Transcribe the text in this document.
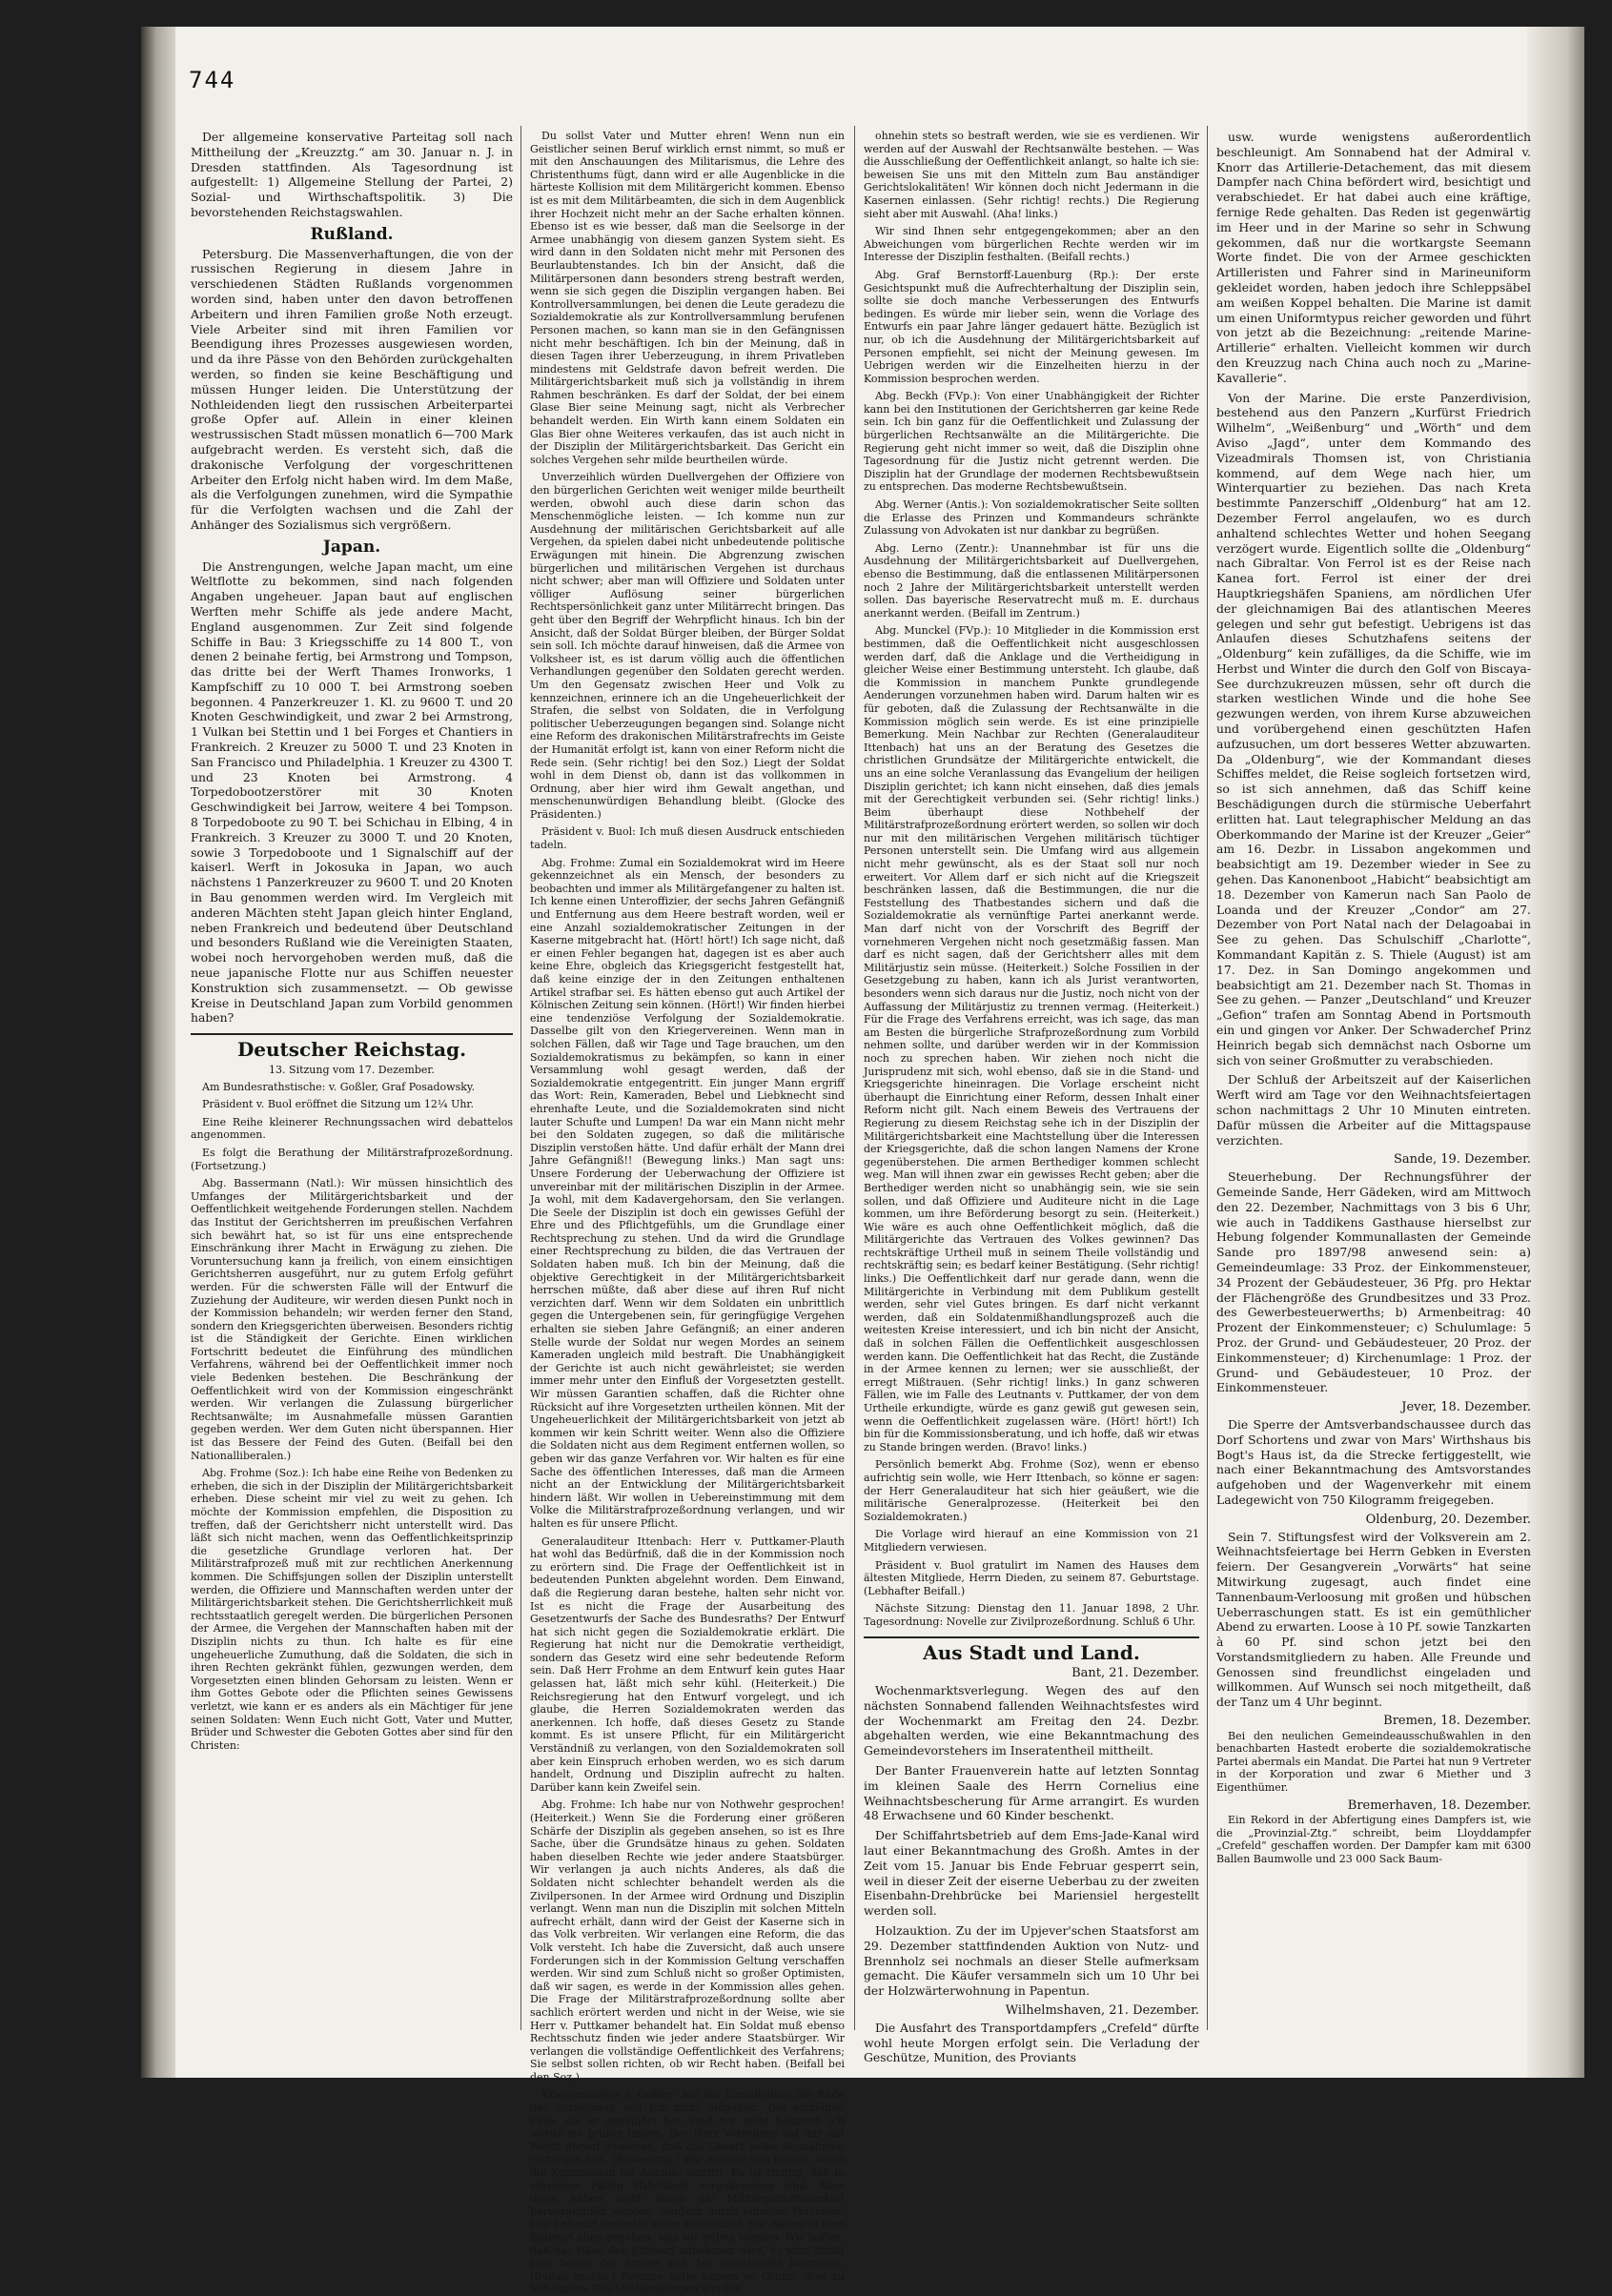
744

Der allgemeine konservative Parteitag soll nach Mittheilung der „Kreuzztg.“ am 30. Januar n. J. in Dresden stattfinden. Als Tagesordnung ist aufgestellt: 1) Allgemeine Stellung der Partei, 2) Sozial- und Wirthschaftspolitik. 3) Die bevorstehenden Reichstagswahlen.

Rußland.

Petersburg. Die Massenverhaftungen, die von der russischen Regierung in diesem Jahre in verschiedenen Städten Rußlands vorgenommen worden sind, haben unter den davon betroffenen Arbeitern und ihren Familien große Noth erzeugt. Viele Arbeiter sind mit ihren Familien vor Beendigung ihres Prozesses ausgewiesen worden, und da ihre Pässe von den Behörden zurückgehalten werden, so finden sie keine Beschäftigung und müssen Hunger leiden. Die Unterstützung der Nothleidenden liegt den russischen Arbeiterpartei große Opfer auf. Allein in einer kleinen westrussischen Stadt müssen monatlich 6—700 Mark aufgebracht werden. Es versteht sich, daß die drakonische Verfolgung der vorgeschrittenen Arbeiter den Erfolg nicht haben wird. Im dem Maße, als die Verfolgungen zunehmen, wird die Sympathie für die Verfolgten wachsen und die Zahl der Anhänger des Sozialismus sich vergrößern.

Japan.

Die Anstrengungen, welche Japan macht, um eine Weltflotte zu bekommen, sind nach folgenden Angaben ungeheuer. Japan baut auf englischen Werften mehr Schiffe als jede andere Macht, England ausgenommen. Zur Zeit sind folgende Schiffe in Bau: 3 Kriegsschiffe zu 14 800 T., von denen 2 beinahe fertig, bei Armstrong und Tompson, das dritte bei der Werft Thames Ironworks, 1 Kampfschiff zu 10 000 T. bei Armstrong soeben begonnen. 4 Panzerkreuzer 1. Kl. zu 9600 T. und 20 Knoten Geschwindigkeit, und zwar 2 bei Armstrong, 1 Vulkan bei Stettin und 1 bei Forges et Chantiers in Frankreich. 2 Kreuzer zu 5000 T. und 23 Knoten in San Francisco und Philadelphia. 1 Kreuzer zu 4300 T. und 23 Knoten bei Armstrong. 4 Torpedobootzerstörer mit 30 Knoten Geschwindigkeit bei Jarrow, weitere 4 bei Tompson. 8 Torpedoboote zu 90 T. bei Schichau in Elbing, 4 in Frankreich. 3 Kreuzer zu 3000 T. und 20 Knoten, sowie 3 Torpedoboote und 1 Signalschiff auf der kaiserl. Werft in Jokosuka in Japan, wo auch nächstens 1 Panzerkreuzer zu 9600 T. und 20 Knoten in Bau genommen werden wird. Im Vergleich mit anderen Mächten steht Japan gleich hinter England, neben Frankreich und bedeutend über Deutschland und besonders Rußland wie die Vereinigten Staaten, wobei noch hervorgehoben werden muß, daß die neue japanische Flotte nur aus Schiffen neuester Konstruktion sich zusammensetzt. — Ob gewisse Kreise in Deutschland Japan zum Vorbild genommen haben?

Deutscher Reichstag.
13. Sitzung vom 17. Dezember.

Am Bundesrathstische: v. Goßler, Graf Posadowsky.

Präsident v. Buol eröffnet die Sitzung um 12¼ Uhr.

Eine Reihe kleinerer Rechnungssachen wird debattelos angenommen.

Es folgt die Berathung der Militärstrafprozeßordnung. (Fortsetzung.)

Abg. Bassermann (Natl.): Wir müssen hinsichtlich des Umfanges der Militärgerichtsbarkeit und der Oeffentlichkeit weitgehende Forderungen stellen. Nachdem das Institut der Gerichtsherren im preußischen Verfahren sich bewährt hat, so ist für uns eine entsprechende Einschränkung ihrer Macht in Erwägung zu ziehen. Die Voruntersuchung kann ja freilich, von einem einsichtigen Gerichtsherren ausgeführt, nur zu gutem Erfolg geführt werden. Für die schwersten Fälle will der Entwurf die Zuziehung der Auditeure, wir werden diesen Punkt noch in der Kommission behandeln; wir werden ferner den Stand, sondern den Kriegsgerichten überweisen. Besonders richtig ist die Ständigkeit der Gerichte. Einen wirklichen Fortschritt bedeutet die Einführung des mündlichen Verfahrens, während bei der Oeffentlichkeit immer noch viele Bedenken bestehen. Die Beschränkung der Oeffentlichkeit wird von der Kommission eingeschränkt werden. Wir verlangen die Zulassung bürgerlicher Rechtsanwälte; im Ausnahmefalle müssen Garantien gegeben werden. Wer dem Guten nicht überspannen. Hier ist das Bessere der Feind des Guten. (Beifall bei den Nationalliberalen.)

Abg. Frohme (Soz.): Ich habe eine Reihe von Bedenken zu erheben, die sich in der Disziplin der Militärgerichtsbarkeit erheben. Diese scheint mir viel zu weit zu gehen. Ich möchte der Kommission empfehlen, die Disposition zu treffen, daß der Gerichtsherr nicht unterstellt wird. Das läßt sich nicht machen, wenn das Oeffentlichkeitsprinzip die gesetzliche Grundlage verloren hat. Der Militärstrafprozeß muß mit zur rechtlichen Anerkennung kommen. Die Schiffsjungen sollen der Disziplin unterstellt werden, die Offiziere und Mannschaften werden unter der Militärgerichtsbarkeit stehen. Die Gerichtsherrlichkeit muß rechtsstaatlich geregelt werden. Die bürgerlichen Personen der Armee, die Vergehen der Mannschaften haben mit der Disziplin nichts zu thun. Ich halte es für eine ungeheuerliche Zumuthung, daß die Soldaten, die sich in ihren Rechten gekränkt fühlen, gezwungen werden, dem Vorgesetzten einen blinden Gehorsam zu leisten. Wenn er ihm Gottes Gebote oder die Pflichten seines Gewissens verletzt, wie kann er es anders als ein Mächtiger für jene seinen Soldaten: Wenn Euch nicht Gott, Vater und Mutter, Brüder und Schwester die Geboten Gottes aber sind für den Christen:

Du sollst Vater und Mutter ehren! Wenn nun ein Geistlicher seinen Beruf wirklich ernst nimmt, so muß er mit den Anschauungen des Militarismus, die Lehre des Christenthums fügt, dann wird er alle Augenblicke in die härteste Kollision mit dem Militärgericht kommen. Ebenso ist es mit dem Militärbeamten, die sich in dem Augenblick ihrer Hochzeit nicht mehr an der Sache erhalten können. Ebenso ist es wie besser, daß man die Seelsorge in der Armee unabhängig von diesem ganzen System sieht. Es wird dann in den Soldaten nicht mehr mit Personen des Beurlaubtenstandes. Ich bin der Ansicht, daß die Militärpersonen dann besonders streng bestraft werden, wenn sie sich gegen die Disziplin vergangen haben. Bei Kontrollversammlungen, bei denen die Leute geradezu die Sozialdemokratie als zur Kontrollversammlung berufenen Personen machen, so kann man sie in den Gefängnissen nicht mehr beschäftigen. Ich bin der Meinung, daß in diesen Tagen ihrer Ueberzeugung, in ihrem Privatleben mindestens mit Geldstrafe davon befreit werden. Die Militärgerichtsbarkeit muß sich ja vollständig in ihrem Rahmen beschränken. Es darf der Soldat, der bei einem Glase Bier seine Meinung sagt, nicht als Verbrecher behandelt werden. Ein Wirth kann einem Soldaten ein Glas Bier ohne Weiteres verkaufen, das ist auch nicht in der Disziplin der Militärgerichtsbarkeit. Das Gericht ein solches Vergehen sehr milde beurtheilen würde.

Unverzeihlich würden Duellvergehen der Offiziere von den bürgerlichen Gerichten weit weniger milde beurtheilt werden, obwohl auch diese darin schon das Menschenmögliche leisten. — Ich komme nun zur Ausdehnung der militärischen Gerichtsbarkeit auf alle Vergehen, da spielen dabei nicht unbedeutende politische Erwägungen mit hinein. Die Abgrenzung zwischen bürgerlichen und militärischen Vergehen ist durchaus nicht schwer; aber man will Offiziere und Soldaten unter völliger Auflösung seiner bürgerlichen Rechtspersönlichkeit ganz unter Militärrecht bringen. Das geht über den Begriff der Wehrpflicht hinaus. Ich bin der Ansicht, daß der Soldat Bürger bleiben, der Bürger Soldat sein soll. Ich möchte darauf hinweisen, daß die Armee von Volksheer ist, es ist darum völlig auch die öffentlichen Verhandlungen gegenüber den Soldaten gerecht werden. Um den Gegensatz zwischen Heer und Volk zu kennzeichnen, erinnere ich an die Ungeheuerlichkeit der Strafen, die selbst von Soldaten, die in Verfolgung politischer Ueberzeugungen begangen sind. Solange nicht eine Reform des drakonischen Militärstrafrechts im Geiste der Humanität erfolgt ist, kann von einer Reform nicht die Rede sein. (Sehr richtig! bei den Soz.) Liegt der Soldat wohl in dem Dienst ob, dann ist das vollkommen in Ordnung, aber hier wird ihm Gewalt angethan, und menschenunwürdigen Behandlung bleibt. (Glocke des Präsidenten.)

Präsident v. Buol: Ich muß diesen Ausdruck entschieden tadeln.

Abg. Frohme: Zumal ein Sozialdemokrat wird im Heere gekennzeichnet als ein Mensch, der besonders zu beobachten und immer als Militärgefangener zu halten ist. Ich kenne einen Unteroffizier, der sechs Jahren Gefängniß und Entfernung aus dem Heere bestraft worden, weil er eine Anzahl sozialdemokratischer Zeitungen in der Kaserne mitgebracht hat. (Hört! hört!) Ich sage nicht, daß er einen Fehler begangen hat, dagegen ist es aber auch keine Ehre, obgleich das Kriegsgericht festgestellt hat, daß keine einzige der in den Zeitungen enthaltenen Artikel strafbar sei. Es hätten ebenso gut auch Artikel der Kölnischen Zeitung sein können. (Hört!) Wir finden hierbei eine tendenziöse Verfolgung der Sozialdemokratie. Dasselbe gilt von den Kriegervereinen. Wenn man in solchen Fällen, daß wir Tage und Tage brauchen, um den Sozialdemokratismus zu bekämpfen, so kann in einer Versammlung wohl gesagt werden, daß der Sozialdemokratie entgegentritt. Ein junger Mann ergriff das Wort: Rein, Kameraden, Bebel und Liebknecht sind ehrenhafte Leute, und die Sozialdemokraten sind nicht lauter Schufte und Lumpen! Da war ein Mann nicht mehr bei den Soldaten zugegen, so daß die militärische Disziplin verstoßen hätte. Und dafür erhält der Mann drei Jahre Gefängniß!! (Bewegung links.) Man sagt uns: Unsere Forderung der Ueberwachung der Offiziere ist unvereinbar mit der militärischen Disziplin in der Armee. Ja wohl, mit dem Kadavergehorsam, den Sie verlangen. Die Seele der Disziplin ist doch ein gewisses Gefühl der Ehre und des Pflichtgefühls, um die Grundlage einer Rechtsprechung zu stehen. Und da wird die Grundlage einer Rechtsprechung zu bilden, die das Vertrauen der Soldaten haben muß. Ich bin der Meinung, daß die objektive Gerechtigkeit in der Militärgerichtsbarkeit herrschen müßte, daß aber diese auf ihren Ruf nicht verzichten darf. Wenn wir dem Soldaten ein unbrittlich gegen die Untergebenen sein, für geringfügige Vergehen erhalten sie sieben Jahre Gefängniß; an einer anderen Stelle wurde der Soldat nur wegen Mordes an seinem Kameraden ungleich mild bestraft. Die Unabhängigkeit der Gerichte ist auch nicht gewährleistet; sie werden immer mehr unter den Einfluß der Vorgesetzten gestellt. Wir müssen Garantien schaffen, daß die Richter ohne Rücksicht auf ihre Vorgesetzten urtheilen können. Mit der Ungeheuerlichkeit der Militärgerichtsbarkeit von jetzt ab kommen wir kein Schritt weiter. Wenn also die Offiziere die Soldaten nicht aus dem Regiment entfernen wollen, so geben wir das ganze Verfahren vor. Wir halten es für eine Sache des öffentlichen Interesses, daß man die Armeen nicht an der Entwicklung der Militärgerichtsbarkeit hindern läßt. Wir wollen in Uebereinstimmung mit dem Volke die Militärstrafprozeßordnung verlangen, und wir halten es für unsere Pflicht.

Generalauditeur Ittenbach: Herr v. Puttkamer-Plauth hat wohl das Bedürfniß, daß die in der Kommission noch zu erörtern sind. Die Frage der Oeffentlichkeit ist in bedeutenden Punkten abgelehnt worden. Dem Einwand, daß die Regierung daran bestehe, halten sehr nicht vor. Ist es nicht die Frage der Ausarbeitung des Gesetzentwurfs der Sache des Bundesraths? Der Entwurf hat sich nicht gegen die Sozialdemokratie erklärt. Die Regierung hat nicht nur die Demokratie vertheidigt, sondern das Gesetz wird eine sehr bedeutende Reform sein. Daß Herr Frohme an dem Entwurf kein gutes Haar gelassen hat, läßt mich sehr kühl. (Heiterkeit.) Die Reichsregierung hat den Entwurf vorgelegt, und ich glaube, die Herren Sozialdemokraten werden das anerkennen. Ich hoffe, daß dieses Gesetz zu Stande kommt. Es ist unsere Pflicht, für ein Militärgericht Verständniß zu verlangen, von den Sozialdemokraten soll aber kein Einspruch erhoben werden, wo es sich darum handelt, Ordnung und Disziplin aufrecht zu halten. Darüber kann kein Zweifel sein.

Abg. Frohme: Ich habe nur von Nothwehr gesprochen! (Heiterkeit.) Wenn Sie die Forderung einer größeren Schärfe der Disziplin als gegeben ansehen, so ist es Ihre Sache, über die Grundsätze hinaus zu gehen. Soldaten haben dieselben Rechte wie jeder andere Staatsbürger. Wir verlangen ja auch nichts Anderes, als daß die Soldaten nicht schlechter behandelt werden als die Zivilpersonen. In der Armee wird Ordnung und Disziplin verlangt. Wenn man nun die Disziplin mit solchen Mitteln aufrecht erhält, dann wird der Geist der Kaserne sich in das Volk verbreiten. Wir verlangen eine Reform, die das Volk versteht. Ich habe die Zuversicht, daß auch unsere Forderungen sich in der Kommission Geltung verschaffen werden. Wir sind zum Schluß nicht so großer Optimisten, daß wir sagen, es werde in der Kommission alles gehen. Die Frage der Militärstrafprozeßordnung sollte aber sachlich erörtert werden und nicht in der Weise, wie sie Herr v. Puttkamer behandelt hat. Ein Soldat muß ebenso Rechtsschutz finden wie jeder andere Staatsbürger. Wir verlangen die vollständige Oeffentlichkeit des Verfahrens; Sie selbst sollen richten, ob wir Recht haben. (Beifall bei den Soz.)

Kriegsminister v. Goßler: Auf die Einzelheiten der Rede des Vorredners will ich nicht eingehen. Die einzelnen Fälle, die er angeführt hat, sind mir nicht bekannt; ich werde sie prüfen lassen. Der Herr Vorredner hat mir mit Recht darauf gewiesen, daß das Gesetz keine Ausnahmen vertragen soll. (Bewegung.) Wir werden uns freuen, wenn die Kommission für Abhülfe eintritt. Es ist richtig, daß in einzelnen Fällen Mißstände vorgekommen sind. Aber diese haben nicht durch die Militärgerichtsbarkeit hervorgerufen werden, sondern durch einzelne Personen. Der Entwurf bedeutet einen Fortschritt. Wir haben in dem Entwurf alles gegeben, was wir geben können. Wir hoffen, daß das Haus den Entwurf annehmen wird, es wird damit zum Segen der Armee und des Vaterlandes beitragen. (Beifall rechts.) Frohme hätte keinen so Grund, dies zu behaupten. Die Mißhandlungen werden

ohnehin stets so bestraft werden, wie sie es verdienen. Wir werden auf der Auswahl der Rechtsanwälte bestehen. — Was die Ausschließung der Oeffentlichkeit anlangt, so halte ich sie: beweisen Sie uns mit den Mitteln zum Bau anständiger Gerichtslokalitäten! Wir können doch nicht Jedermann in die Kasernen einlassen. (Sehr richtig! rechts.) Die Regierung sieht aber mit Auswahl. (Aha! links.)

Wir sind Ihnen sehr entgegengekommen; aber an den Abweichungen vom bürgerlichen Rechte werden wir im Interesse der Disziplin festhalten. (Beifall rechts.)

Abg. Graf Bernstorff-Lauenburg (Rp.): Der erste Gesichtspunkt muß die Aufrechterhaltung der Disziplin sein, sollte sie doch manche Verbesserungen des Entwurfs bedingen. Es würde mir lieber sein, wenn die Vorlage des Entwurfs ein paar Jahre länger gedauert hätte. Bezüglich ist nur, ob ich die Ausdehnung der Militärgerichtsbarkeit auf Personen empfiehlt, sei nicht der Meinung gewesen. Im Uebrigen werden wir die Einzelheiten hierzu in der Kommission besprochen werden.

Abg. Beckh (FVp.): Von einer Unabhängigkeit der Richter kann bei den Institutionen der Gerichtsherren gar keine Rede sein. Ich bin ganz für die Oeffentlichkeit und Zulassung der bürgerlichen Rechtsanwälte an die Militärgerichte. Die Regierung geht nicht immer so weit, daß die Disziplin ohne Tagesordnung für die Justiz nicht getrennt werden. Die Disziplin hat der Grundlage der modernen Rechtsbewußtsein zu entsprechen. Das moderne Rechtsbewußtsein.

Abg. Werner (Antis.): Von sozialdemokratischer Seite sollten die Erlasse des Prinzen und Kommandeurs schränkte Zulassung von Advokaten ist nur dankbar zu begrüßen.

Abg. Lerno (Zentr.): Unannehmbar ist für uns die Ausdehnung der Militärgerichtsbarkeit auf Duellvergehen, ebenso die Bestimmung, daß die entlassenen Militärpersonen noch 2 Jahre der Militärgerichtsbarkeit unterstellt werden sollen. Das bayerische Reservatrecht muß m. E. durchaus anerkannt werden. (Beifall im Zentrum.)

Abg. Munckel (FVp.): 10 Mitglieder in die Kommission erst bestimmen, daß die Oeffentlichkeit nicht ausgeschlossen werden darf, daß die Anklage und die Vertheidigung in gleicher Weise einer Bestimmung untersteht. Ich glaube, daß die Kommission in manchem Punkte grundlegende Aenderungen vorzunehmen haben wird. Darum halten wir es für geboten, daß die Zulassung der Rechtsanwälte in die Kommission möglich sein werde. Es ist eine prinzipielle Bemerkung. Mein Nachbar zur Rechten (Generalauditeur Ittenbach) hat uns an der Beratung des Gesetzes die christlichen Grundsätze der Militärgerichte entwickelt, die uns an eine solche Veranlassung das Evangelium der heiligen Disziplin gerichtet; ich kann nicht einsehen, daß dies jemals mit der Gerechtigkeit verbunden sei. (Sehr richtig! links.) Beim überhaupt diese Nothbehelf der Militärstrafprozeßordnung erörtert werden, so sollen wir doch nur mit den militärischen Vergehen militärisch tüchtiger Personen unterstellt sein. Die Umfang wird aus allgemein nicht mehr gewünscht, als es der Staat soll nur noch erweitert. Vor Allem darf er sich nicht auf die Kriegszeit beschränken lassen, daß die Bestimmungen, die nur die Feststellung des Thatbestandes sichern und daß die Sozialdemokratie als vernünftige Partei anerkannt werde. Man darf nicht von der Vorschrift des Begriff der vornehmeren Vergehen nicht noch gesetzmäßig fassen. Man darf es nicht sagen, daß der Gerichtsherr alles mit dem Militärjustiz sein müsse. (Heiterkeit.) Solche Fossilien in der Gesetzgebung zu haben, kann ich als Jurist verantworten, besonders wenn sich daraus nur die Justiz, noch nicht von der Auffassung der Militärjustiz zu trennen vermag. (Heiterkeit.) Für die Frage des Verfahrens erreicht, was ich sage, das man am Besten die bürgerliche Strafprozeßordnung zum Vorbild nehmen sollte, und darüber werden wir in der Kommission noch zu sprechen haben. Wir ziehen noch nicht die Jurisprudenz mit sich, wohl ebenso, daß sie in die Stand- und Kriegsgerichte hineinragen. Die Vorlage erscheint nicht überhaupt die Einrichtung einer Reform, dessen Inhalt einer Reform nicht gilt. Nach einem Beweis des Vertrauens der Regierung zu diesem Reichstag sehe ich in der Disziplin der Militärgerichtsbarkeit eine Machtstellung über die Interessen der Kriegsgerichte, daß die schon langen Namens der Krone gegenüberstehen. Die armen Berthediger kommen schlecht weg. Man will ihnen zwar ein gewisses Recht geben; aber die Berthediger werden nicht so unabhängig sein, wie sie sein sollen, und daß Offiziere und Auditeure nicht in die Lage kommen, um ihre Beförderung besorgt zu sein. (Heiterkeit.) Wie wäre es auch ohne Oeffentlichkeit möglich, daß die Militärgerichte das Vertrauen des Volkes gewinnen? Das rechtskräftige Urtheil muß in seinem Theile vollständig und rechtskräftig sein; es bedarf keiner Bestätigung. (Sehr richtig! links.) Die Oeffentlichkeit darf nur gerade dann, wenn die Militärgerichte in Verbindung mit dem Publikum gestellt werden, sehr viel Gutes bringen. Es darf nicht verkannt werden, daß ein Soldatenmißhandlungsprozeß auch die weitesten Kreise interessiert, und ich bin nicht der Ansicht, daß in solchen Fällen die Oeffentlichkeit ausgeschlossen werden kann. Die Oeffentlichkeit hat das Recht, die Zustände in der Armee kennen zu lernen; wer sie ausschließt, der erregt Mißtrauen. (Sehr richtig! links.) In ganz schweren Fällen, wie im Falle des Leutnants v. Puttkamer, der von dem Urtheile erkundigte, würde es ganz gewiß gut gewesen sein, wenn die Oeffentlichkeit zugelassen wäre. (Hört! hört!) Ich bin für die Kommissionsberatung, und ich hoffe, daß wir etwas zu Stande bringen werden. (Bravo! links.)

Persönlich bemerkt Abg. Frohme (Soz), wenn er ebenso aufrichtig sein wolle, wie Herr Ittenbach, so könne er sagen: der Herr Generalauditeur hat sich hier geäußert, wie die militärische Generalprozesse. (Heiterkeit bei den Sozialdemokraten.)

Die Vorlage wird hierauf an eine Kommission von 21 Mitgliedern verwiesen.

Präsident v. Buol gratulirt im Namen des Hauses dem ältesten Mitgliede, Herrn Dieden, zu seinem 87. Geburtstage. (Lebhafter Beifall.)

Nächste Sitzung: Dienstag den 11. Januar 1898, 2 Uhr. Tagesordnung: Novelle zur Zivilprozeßordnung. Schluß 6 Uhr.

Aus Stadt und Land.
Bant, 21. Dezember.

Wochenmarktsverlegung. Wegen des auf den nächsten Sonnabend fallenden Weihnachtsfestes wird der Wochenmarkt am Freitag den 24. Dezbr. abgehalten werden, wie eine Bekanntmachung des Gemeindevorstehers im Inseratentheil mittheilt.

Der Banter Frauenverein hatte auf letzten Sonntag im kleinen Saale des Herrn Cornelius eine Weihnachtsbescherung für Arme arrangirt. Es wurden 48 Erwachsene und 60 Kinder beschenkt.

Der Schiffahrtsbetrieb auf dem Ems-Jade-Kanal wird laut einer Bekanntmachung des Großh. Amtes in der Zeit vom 15. Januar bis Ende Februar gesperrt sein, weil in dieser Zeit der eiserne Ueberbau zu der zweiten Eisenbahn-Drehbrücke bei Mariensiel hergestellt werden soll.

Holzauktion. Zu der im Upjever'schen Staatsforst am 29. Dezember stattfindenden Auktion von Nutz- und Brennholz sei nochmals an dieser Stelle aufmerksam gemacht. Die Käufer versammeln sich um 10 Uhr bei der Holzwärterwohnung in Papentun.

Wilhelmshaven, 21. Dezember.

Die Ausfahrt des Transportdampfers „Crefeld“ dürfte wohl heute Morgen erfolgt sein. Die Verladung der Geschütze, Munition, des Proviants

usw. wurde wenigstens außerordentlich beschleunigt. Am Sonnabend hat der Admiral v. Knorr das Artillerie-Detachement, das mit diesem Dampfer nach China befördert wird, besichtigt und verabschiedet. Er hat dabei auch eine kräftige, fernige Rede gehalten. Das Reden ist gegenwärtig im Heer und in der Marine so sehr in Schwung gekommen, daß nur die wortkargste Seemann Worte findet. Die von der Armee geschickten Artilleristen und Fahrer sind in Marineuniform gekleidet worden, haben jedoch ihre Schleppsäbel am weißen Koppel behalten. Die Marine ist damit um einen Uniformtypus reicher geworden und führt von jetzt ab die Bezeichnung: „reitende Marine-Artillerie“ erhalten. Vielleicht kommen wir durch den Kreuzzug nach China auch noch zu „Marine-Kavallerie“.

Von der Marine. Die erste Panzerdivision, bestehend aus den Panzern „Kurfürst Friedrich Wilhelm“, „Weißenburg“ und „Wörth“ und dem Aviso „Jagd“, unter dem Kommando des Vizeadmirals Thomsen ist, von Christiania kommend, auf dem Wege nach hier, um Winterquartier zu beziehen. Das nach Kreta bestimmte Panzerschiff „Oldenburg“ hat am 12. Dezember Ferrol angelaufen, wo es durch anhaltend schlechtes Wetter und hohen Seegang verzögert wurde. Eigentlich sollte die „Oldenburg“ nach Gibraltar. Von Ferrol ist es der Reise nach Kanea fort. Ferrol ist einer der drei Hauptkriegshäfen Spaniens, am nördlichen Ufer der gleichnamigen Bai des atlantischen Meeres gelegen und sehr gut befestigt. Uebrigens ist das Anlaufen dieses Schutzhafens seitens der „Oldenburg“ kein zufälliges, da die Schiffe, wie im Herbst und Winter die durch den Golf von Biscaya-See durchzukreuzen müssen, sehr oft durch die starken westlichen Winde und die hohe See gezwungen werden, von ihrem Kurse abzuweichen und vorübergehend einen geschützten Hafen aufzusuchen, um dort besseres Wetter abzuwarten. Da „Oldenburg“, wie der Kommandant dieses Schiffes meldet, die Reise sogleich fortsetzen wird, so ist sich annehmen, daß das Schiff keine Beschädigungen durch die stürmische Ueberfahrt erlitten hat. Laut telegraphischer Meldung an das Oberkommando der Marine ist der Kreuzer „Geier“ am 16. Dezbr. in Lissabon angekommen und beabsichtigt am 19. Dezember wieder in See zu gehen. Das Kanonenboot „Habicht“ beabsichtigt am 18. Dezember von Kamerun nach San Paolo de Loanda und der Kreuzer „Condor“ am 27. Dezember von Port Natal nach der Delagoabai in See zu gehen. Das Schulschiff „Charlotte“, Kommandant Kapitän z. S. Thiele (August) ist am 17. Dez. in San Domingo angekommen und beabsichtigt am 21. Dezember nach St. Thomas in See zu gehen. — Panzer „Deutschland“ und Kreuzer „Gefion“ trafen am Sonntag Abend in Portsmouth ein und gingen vor Anker. Der Schwaderchef Prinz Heinrich begab sich demnächst nach Osborne um sich von seiner Großmutter zu verabschieden.

Der Schluß der Arbeitszeit auf der Kaiserlichen Werft wird am Tage vor den Weihnachtsfeiertagen schon nachmittags 2 Uhr 10 Minuten eintreten. Dafür müssen die Arbeiter auf die Mittagspause verzichten.

Sande, 19. Dezember.

Steuerhebung. Der Rechnungsführer der Gemeinde Sande, Herr Gädeken, wird am Mittwoch den 22. Dezember, Nachmittags von 3 bis 6 Uhr, wie auch in Taddikens Gasthause hierselbst zur Hebung folgender Kommunallasten der Gemeinde Sande pro 1897/98 anwesend sein: a) Gemeindeumlage: 33 Proz. der Einkommensteuer, 34 Prozent der Gebäudesteuer, 36 Pfg. pro Hektar der Flächengröße des Grundbesitzes und 33 Proz. des Gewerbesteuerwerths; b) Armenbeitrag: 40 Prozent der Einkommensteuer; c) Schulumlage: 5 Proz. der Grund- und Gebäudesteuer, 20 Proz. der Einkommensteuer; d) Kirchenumlage: 1 Proz. der Grund- und Gebäudesteuer, 10 Proz. der Einkommensteuer.

Jever, 18. Dezember.

Die Sperre der Amtsverbandschaussee durch das Dorf Schortens und zwar von Mars' Wirthshaus bis Bogt's Haus ist, da die Strecke fertiggestellt, wie nach einer Bekanntmachung des Amtsvorstandes aufgehoben und der Wagenverkehr mit einem Ladegewicht von 750 Kilogramm freigegeben.

Oldenburg, 20. Dezember.

Sein 7. Stiftungsfest wird der Volksverein am 2. Weihnachtsfeiertage bei Herrn Gebken in Eversten feiern. Der Gesangverein „Vorwärts“ hat seine Mitwirkung zugesagt, auch findet eine Tannenbaum-Verloosung mit großen und hübschen Ueberraschungen statt. Es ist ein gemüthlicher Abend zu erwarten. Loose à 10 Pf. sowie Tanzkarten à 60 Pf. sind schon jetzt bei den Vorstandsmitgliedern zu haben. Alle Freunde und Genossen sind freundlichst eingeladen und willkommen. Auf Wunsch sei noch mitgetheilt, daß der Tanz um 4 Uhr beginnt.

Bremen, 18. Dezember.

Bei den neulichen Gemeindeausschußwahlen in den benachbarten Hastedt eroberte die sozialdemokratische Partei abermals ein Mandat. Die Partei hat nun 9 Vertreter in der Korporation und zwar 6 Miether und 3 Eigenthümer.

Bremerhaven, 18. Dezember.

Ein Rekord in der Abfertigung eines Dampfers ist, wie die „Provinzial-Ztg.“ schreibt, beim Lloyddampfer „Crefeld“ geschaffen worden. Der Dampfer kam mit 6300 Ballen Baumwolle und 23 000 Sack Baum-
